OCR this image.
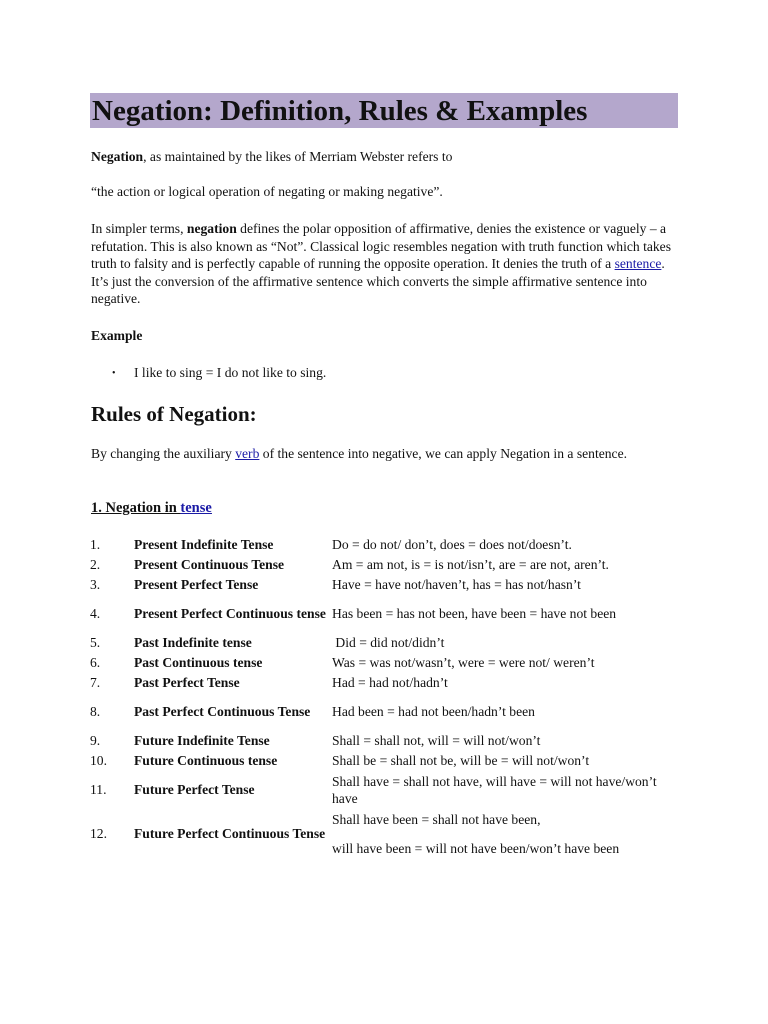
Negation: Definition, Rules & Examples

Negation, as maintained by the likes of Merriam Webster refers to

“the action or logical operation of negating or making negative”.

In simpler terms, negation defines the polar opposition of affirmative, denies the existence or vaguely – a refutation. This is also known as “Not”. Classical logic resembles negation with truth function which takes truth to falsity and is perfectly capable of running the opposite operation. It denies the truth of a sentence. It’s just the conversion of the affirmative sentence which converts the simple affirmative sentence into negative.

Example

• I like to sing = I do not like to sing.
Rules of Negation:

By changing the auxiliary verb of the sentence into negative, we can apply Negation in a sentence.

1. Negation in tense
1.	Present Indefinite Tense	Do = do not/ don’t, does = does not/doesn’t.
2.	Present Continuous Tense	Am = am not, is = is not/isn’t, are = are not, aren’t.
3.	Present Perfect Tense	Have = have not/haven’t, has = has not/hasn’t
4.	Present Perfect Continuous tense	Has been = has not been, have been = have not been
5.	Past Indefinite tense	Did = did not/didn’t
6.	Past Continuous tense	Was = was not/wasn’t, were = were not/ weren’t
7.	Past Perfect Tense	Had = had not/hadn’t
8.	Past Perfect Continuous Tense	Had been = had not been/hadn’t been
9.	Future Indefinite Tense	Shall = shall not, will = will not/won’t
10.	Future Continuous tense	Shall be = shall not be, will be = will not/won’t
11.	Future Perfect Tense	Shall have = shall not have, will have = will not have/won’t have
12.	Future Perfect Continuous Tense	Shall have been = shall not have been,
will have been = will not have been/won’t have been
